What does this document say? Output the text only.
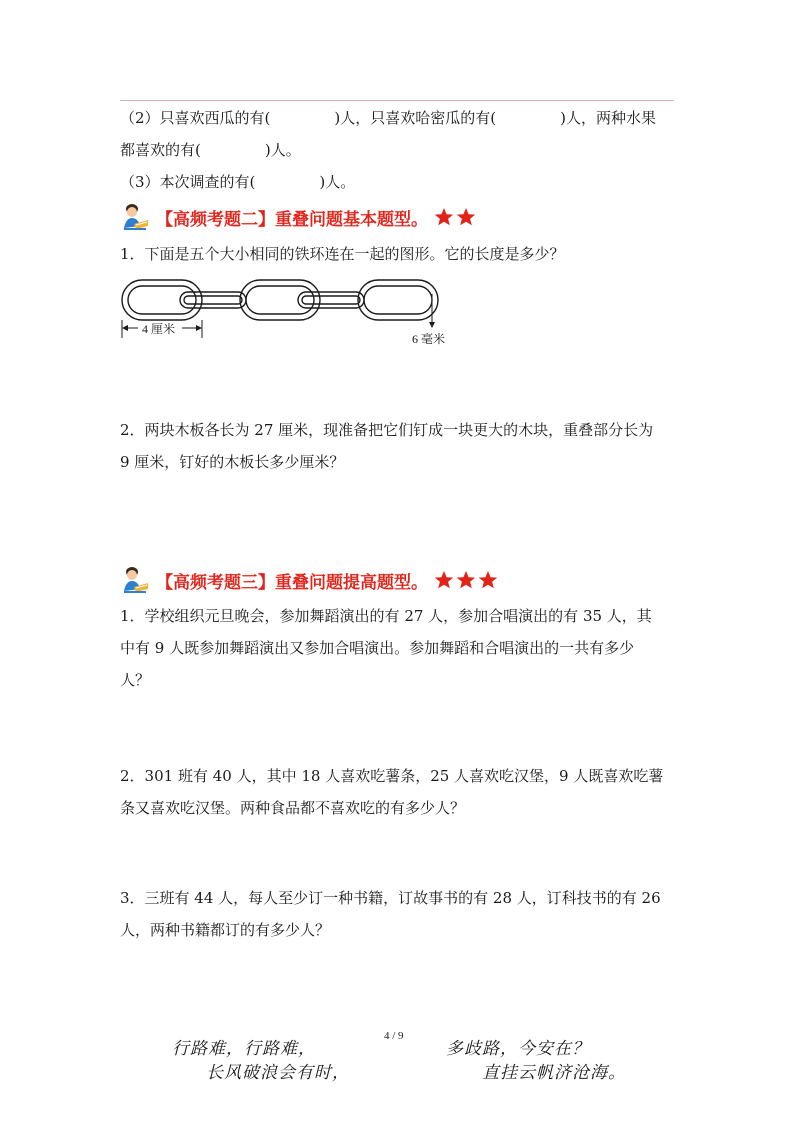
（2）只喜欢西瓜的有(	)人，只喜欢哈密瓜的有(	)人，两种水果
都喜欢的有(	)人。
（3）本次调查的有(	)人。
【高频考题二】重叠问题基本题型。
1．下面是五个大小相同的铁环连在一起的图形。它的长度是多少？
4 厘米
6 毫米
2．两块木板各长为 27 厘米，现准备把它们钉成一块更大的木块，重叠部分长为
9 厘米，钉好的木板长多少厘米？
【高频考题三】重叠问题提高题型。
1．学校组织元旦晚会，参加舞蹈演出的有 27 人，参加合唱演出的有 35 人，其
中有 9 人既参加舞蹈演出又参加合唱演出。参加舞蹈和合唱演出的一共有多少
人？
2．301 班有 40 人，其中 18 人喜欢吃薯条，25 人喜欢吃汉堡，9 人既喜欢吃薯
条又喜欢吃汉堡。两种食品都不喜欢吃的有多少人？
3．三班有 44 人，每人至少订一种书籍，订故事书的有 28 人，订科技书的有 26
人，两种书籍都订的有多少人？
行路难，行路难，
4 / 9
多歧路，今安在？
长风破浪会有时，	直挂云帆济沧海。
